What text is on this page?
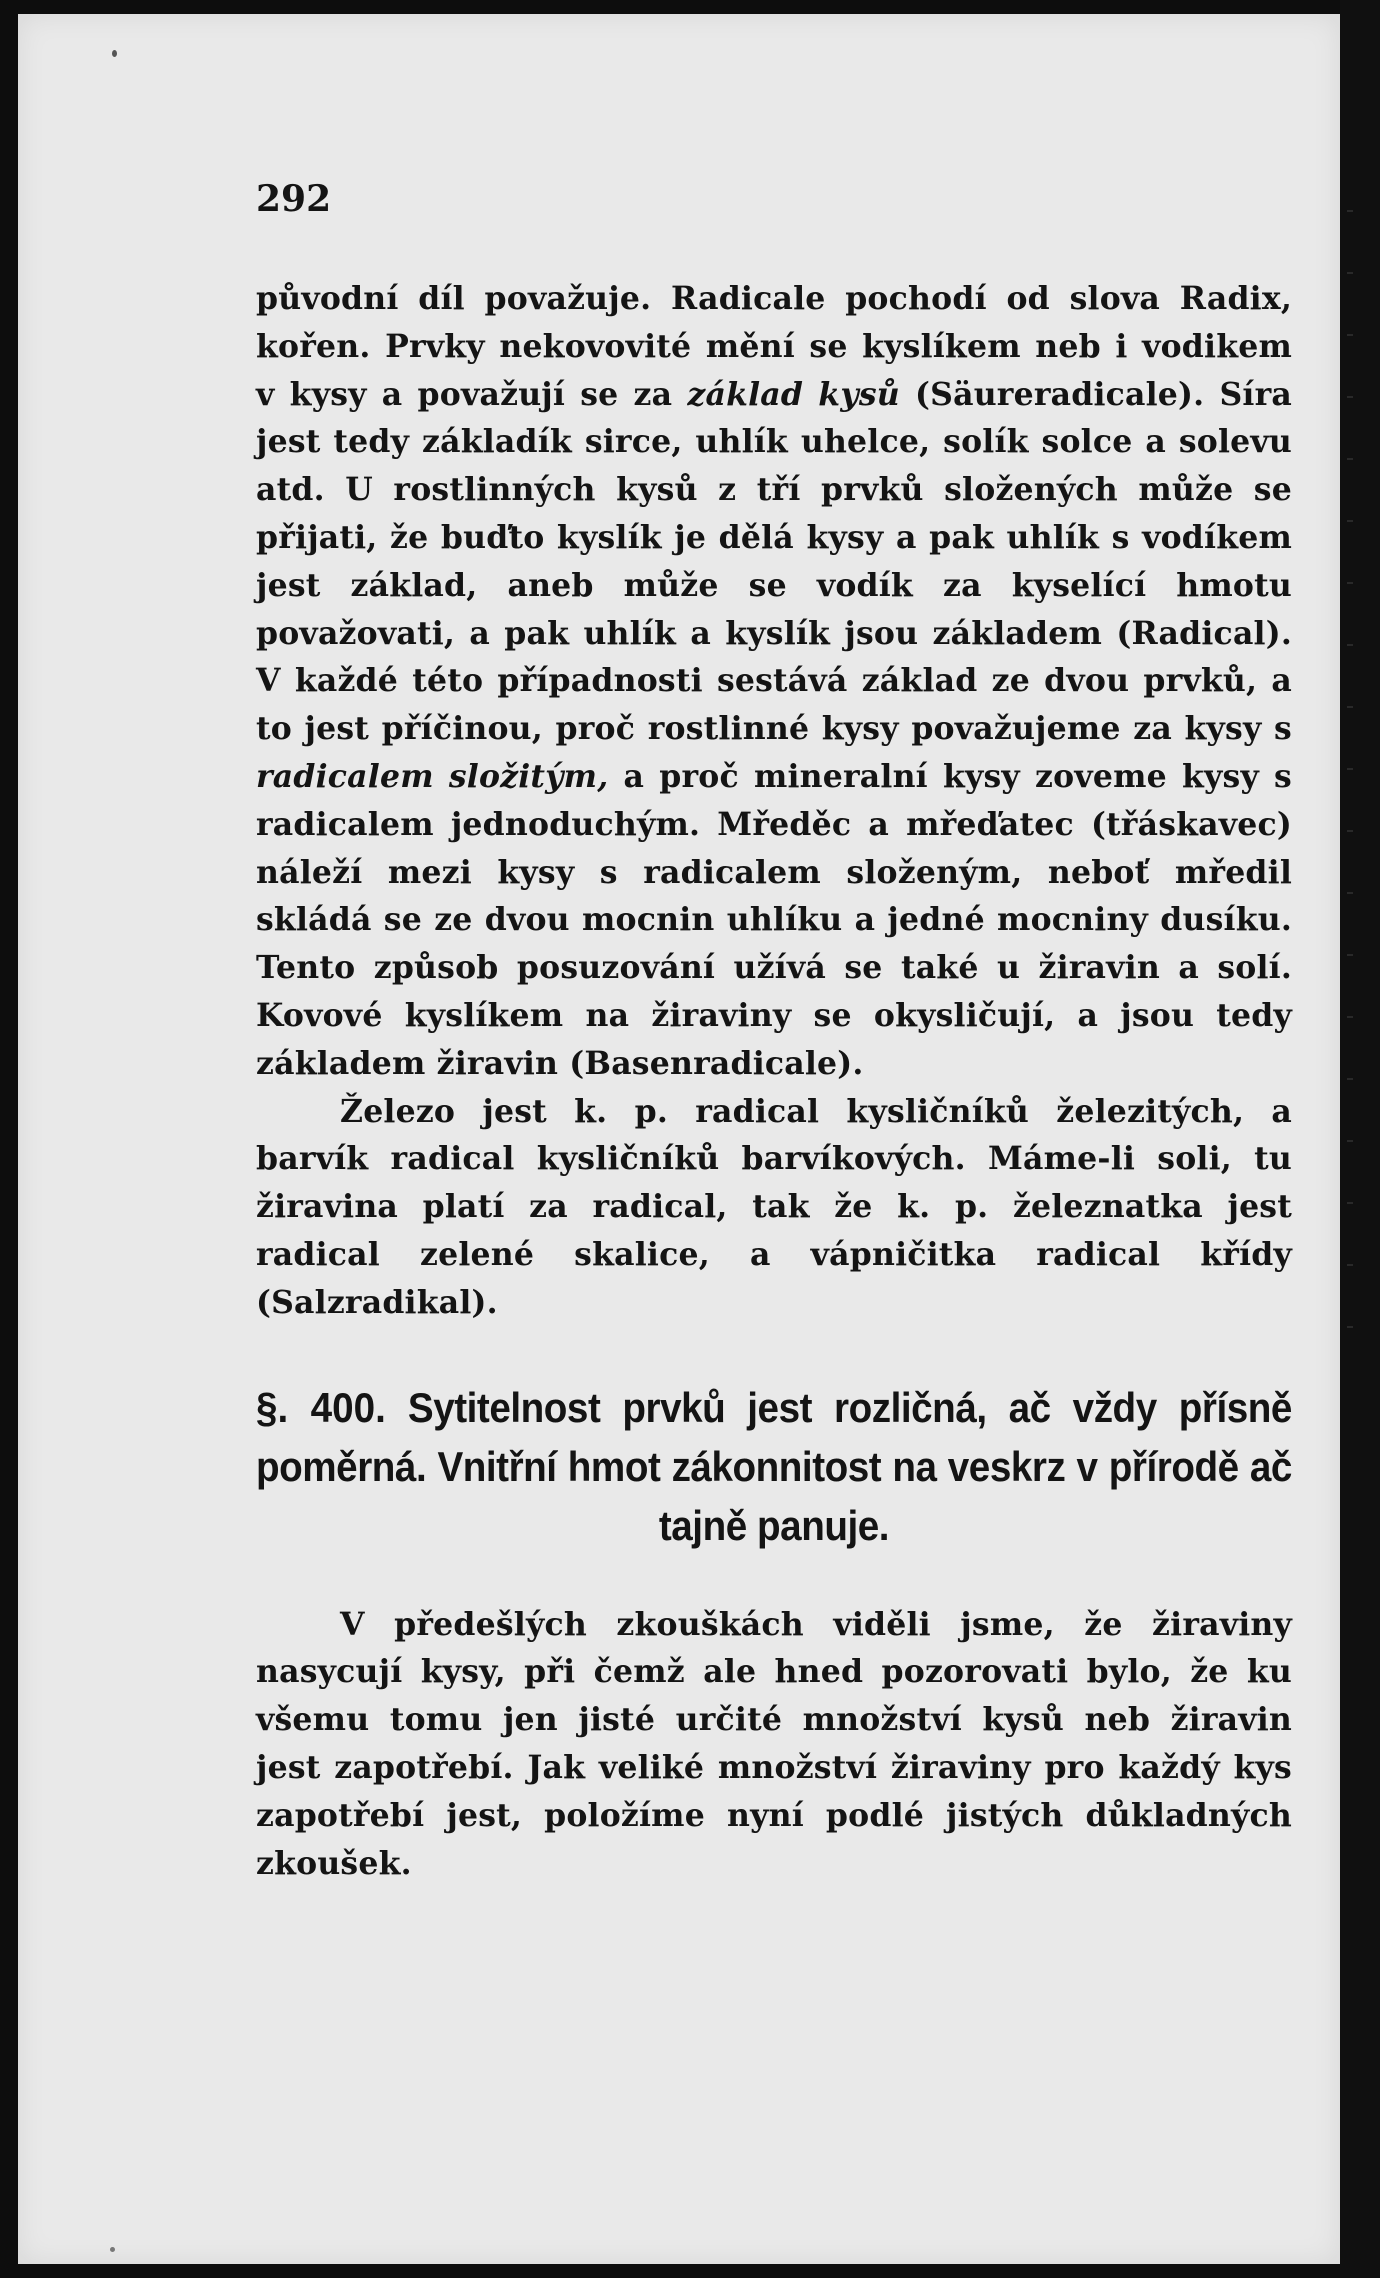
292

původní díl považuje. Radicale pochodí od slova Radix, kořen. Prvky nekovovité mění se kyslíkem neb i vodikem v kysy a považují se za základ kysů (Säureradicale). Síra jest tedy základík sirce, uhlík uhelce, solík solce a solevu atd. U rostlinných kysů z tří prvků složených může se přijati, že buďto kyslík je dělá kysy a pak uhlík s vodíkem jest základ, aneb může se vodík za kyselící hmotu považovati, a pak uhlík a kyslík jsou základem (Radical). V každé této případnosti sestává základ ze dvou prvků, a to jest příčinou, proč rostlinné kysy považujeme za kysy s radicalem složitým, a proč mineralní kysy zoveme kysy s radicalem jednoduchým. Mředěc a mřeďatec (třáskavec) náleží mezi kysy s radicalem složeným, neboť mředil skládá se ze dvou mocnin uhlíku a jedné mocniny dusíku. Tento způsob posuzování užívá se také u žiravin a solí. Kovové kyslíkem na žiraviny se okysličují, a jsou tedy základem žiravin (Basenradicale).

Železo jest k. p. radical kysličníků železitých, a barvík radical kysličníků barvíkových. Máme-li soli, tu žiravina platí za radical, tak že k. p. železnatka jest radical zelené skalice, a vápničitka radical křídy (Salzradikal).

§. 400. Sytitelnost prvků jest rozličná, ač vždy přísně poměrná. Vnitřní hmot zákonnitost na veskrz v přírodě ač tajně panuje.

V předešlých zkouškách viděli jsme, že žiraviny nasycují kysy, při čemž ale hned pozorovati bylo, že ku všemu tomu jen jisté určité množství kysů neb žiravin jest zapotřebí. Jak veliké množství žiraviny pro každý kys zapotřebí jest, položíme nyní podlé jistých důkladných zkoušek.
